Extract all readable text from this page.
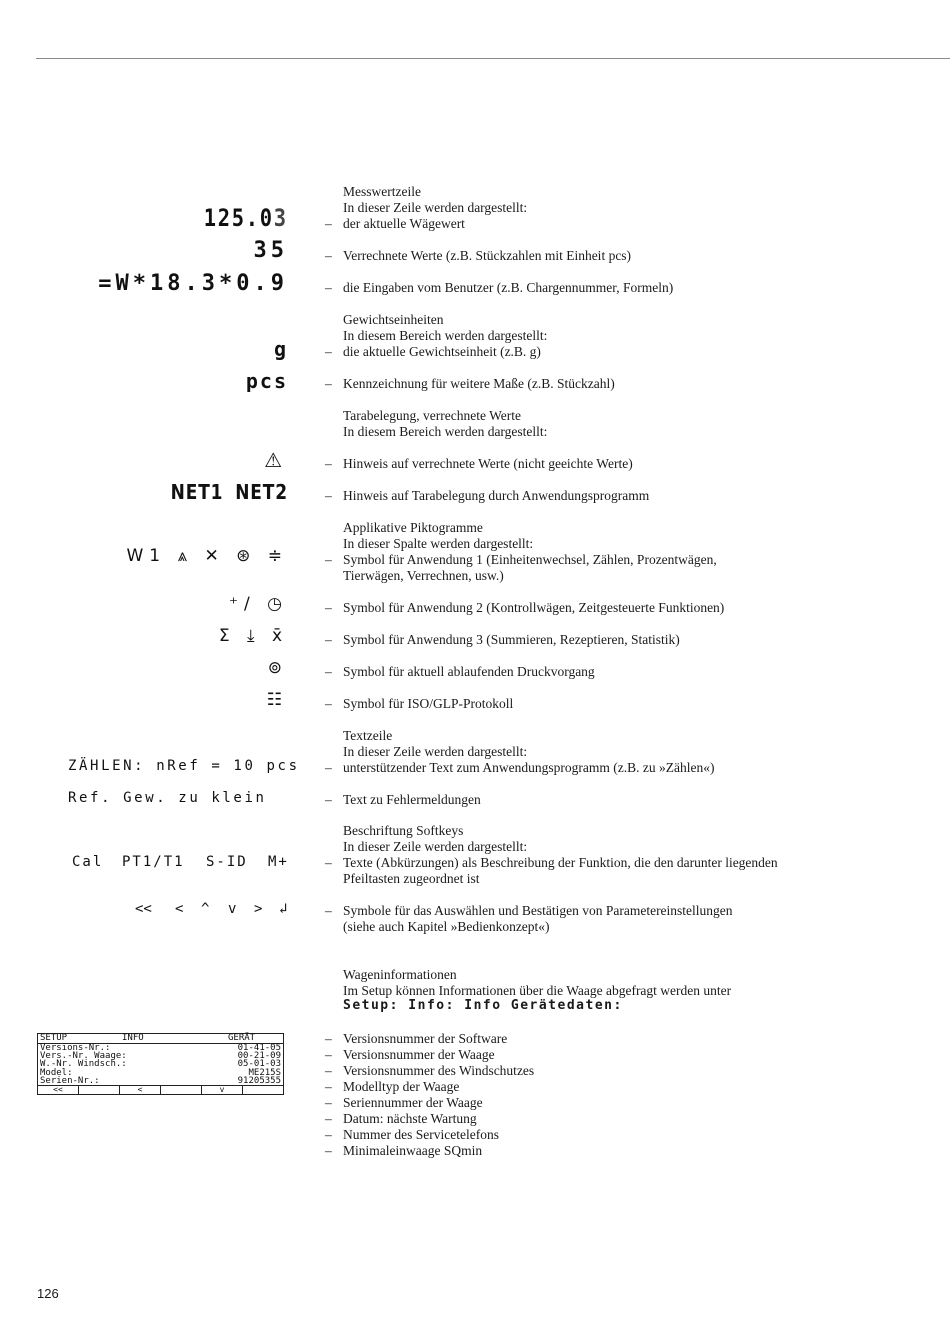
125.03
35
=W*18.3*0.9
g
pcs
⚠
NET1 NET2
W1 ⩓ ✕ ⊛ ≑
⁺∕ ◷
Σ ⤓ x̄
⊚
☷
ZÄHLEN: nRef = 10 pcs
Ref. Gew. zu klein
Cal PT1/T1 S-ID M+
<< < ^ v > ↲
SETUP	INFO	GERÄT
Versions-Nr.:	01-41-05
Vers.-Nr. Waage:	00-21-09
W.-Nr. Windsch.:	05-01-03
Model:	ME215S
Serien-Nr.:	91205355
<<	<	v
Messwertzeile
In dieser Zeile werden dargestellt:
– der aktuelle Wägewert
– Verrechnete Werte (z.B. Stückzahlen mit Einheit pcs)
– die Eingaben vom Benutzer (z.B. Chargennummer, Formeln)
Gewichtseinheiten
In diesem Bereich werden dargestellt:
– die aktuelle Gewichtseinheit (z.B. g)
– Kennzeichnung für weitere Maße (z.B. Stückzahl)
Tarabelegung, verrechnete Werte
In diesem Bereich werden dargestellt:
– Hinweis auf verrechnete Werte (nicht geeichte Werte)
– Hinweis auf Tarabelegung durch Anwendungsprogramm
Applikative Piktogramme
In dieser Spalte werden dargestellt:
– Symbol für Anwendung 1 (Einheitenwechsel, Zählen, Prozentwägen,
Tierwägen, Verrechnen, usw.)
– Symbol für Anwendung 2 (Kontrollwägen, Zeitgesteuerte Funktionen)
– Symbol für Anwendung 3 (Summieren, Rezeptieren, Statistik)
– Symbol für aktuell ablaufenden Druckvorgang
– Symbol für ISO/GLP-Protokoll
Textzeile
In dieser Zeile werden dargestellt:
– unterstützender Text zum Anwendungsprogramm (z.B. zu »Zählen«)
– Text zu Fehlermeldungen
Beschriftung Softkeys
In dieser Zeile werden dargestellt:
– Texte (Abkürzungen) als Beschreibung der Funktion, die den darunter liegenden
Pfeiltasten zugeordnet ist
– Symbole für das Auswählen und Bestätigen von Parametereinstellungen
(siehe auch Kapitel »Bedienkonzept«)
Wageninformationen
Im Setup können Informationen über die Waage abgefragt werden unter
Setup: Info: Info Gerätedaten:
– Versionsnummer der Software
– Versionsnummer der Waage
– Versionsnummer des Windschutzes
– Modelltyp der Waage
– Seriennummer der Waage
– Datum: nächste Wartung
– Nummer des Servicetelefons
– Minimaleinwaage SQmin
126
